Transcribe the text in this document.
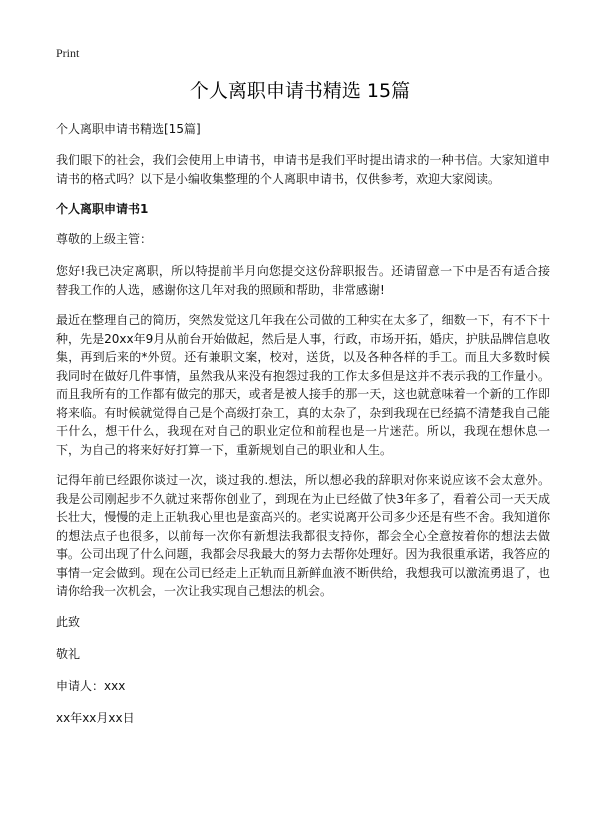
Print
个人离职申请书精选 15篇
个人离职申请书精选[15篇]

我们眼下的社会，我们会使用上申请书，申请书是我们平时提出请求的一种书信。大家知道申请书的格式吗？以下是小编收集整理的个人离职申请书，仅供参考，欢迎大家阅读。

个人离职申请书1
尊敬的上级主管：

您好!我已决定离职，所以特提前半月向您提交这份辞职报告。还请留意一下中是否有适合接替我工作的人选，感谢你这几年对我的照顾和帮助，非常感谢!

最近在整理自己的简历，突然发觉这几年我在公司做的工种实在太多了，细数一下，有不下十种，先是20xx年9月从前台开始做起，然后是人事，行政，市场开拓，婚庆，护肤品牌信息收集，再到后来的*外贸。还有兼职文案，校对，送货，以及各种各样的手工。而且大多数时候我同时在做好几件事情，虽然我从来没有抱怨过我的工作太多但是这并不表示我的工作量小。而且我所有的工作都有做完的那天，或者是被人接手的那一天，这也就意味着一个新的工作即将来临。有时候就觉得自己是个高级打杂工，真的太杂了，杂到我现在已经搞不清楚我自己能干什么，想干什么，我现在对自己的职业定位和前程也是一片迷茫。所以，我现在想休息一下，为自己的将来好好打算一下，重新规划自己的职业和人生。

记得年前已经跟你谈过一次，谈过我的.想法，所以想必我的辞职对你来说应该不会太意外。我是公司刚起步不久就过来帮你创业了，到现在为止已经做了快3年多了，看着公司一天天成长壮大，慢慢的走上正轨我心里也是蛮高兴的。老实说离开公司多少还是有些不舍。我知道你的想法点子也很多，以前每一次你有新想法我都很支持你，都会全心全意按着你的想法去做事。公司出现了什么问题，我都会尽我最大的努力去帮你处理好。因为我很重承诺，我答应的事情一定会做到。现在公司已经走上正轨而且新鲜血液不断供给，我想我可以激流勇退了，也请你给我一次机会，一次让我实现自己想法的机会。

此致
敬礼
申请人：xxx
xx年xx月xx日
